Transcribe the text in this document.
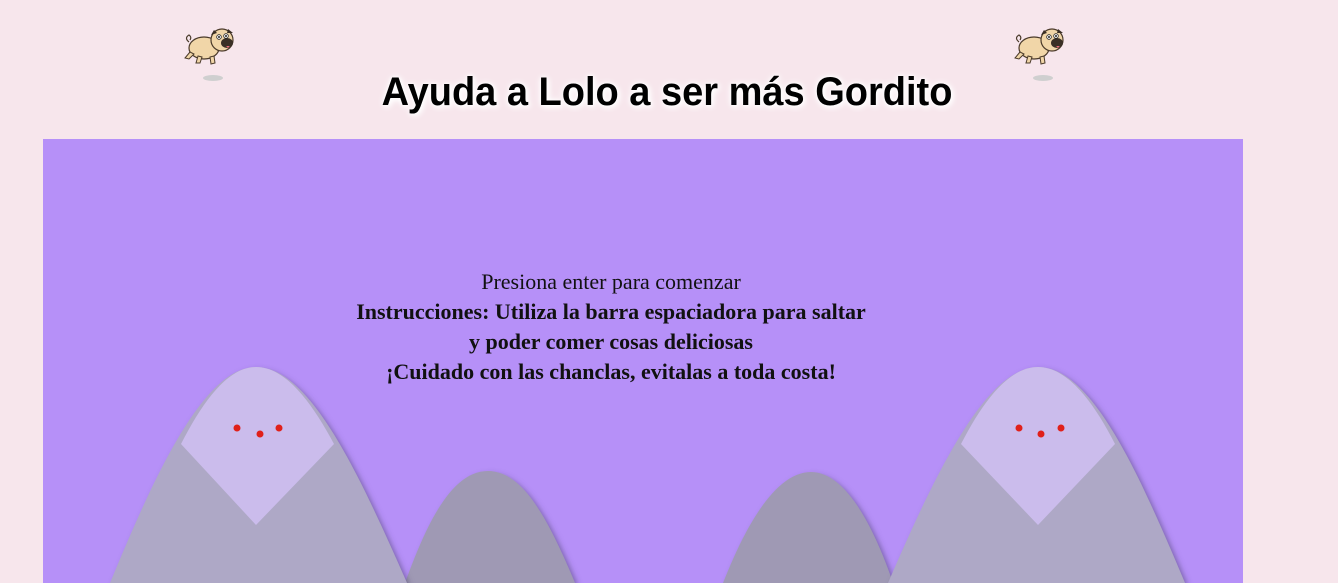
Ayuda a Lolo a ser más Gordito
Presiona enter para comenzar
Instrucciones: Utiliza la barra espaciadora para saltar
y poder comer cosas deliciosas
¡Cuidado con las chanclas, evitalas a toda costa!
